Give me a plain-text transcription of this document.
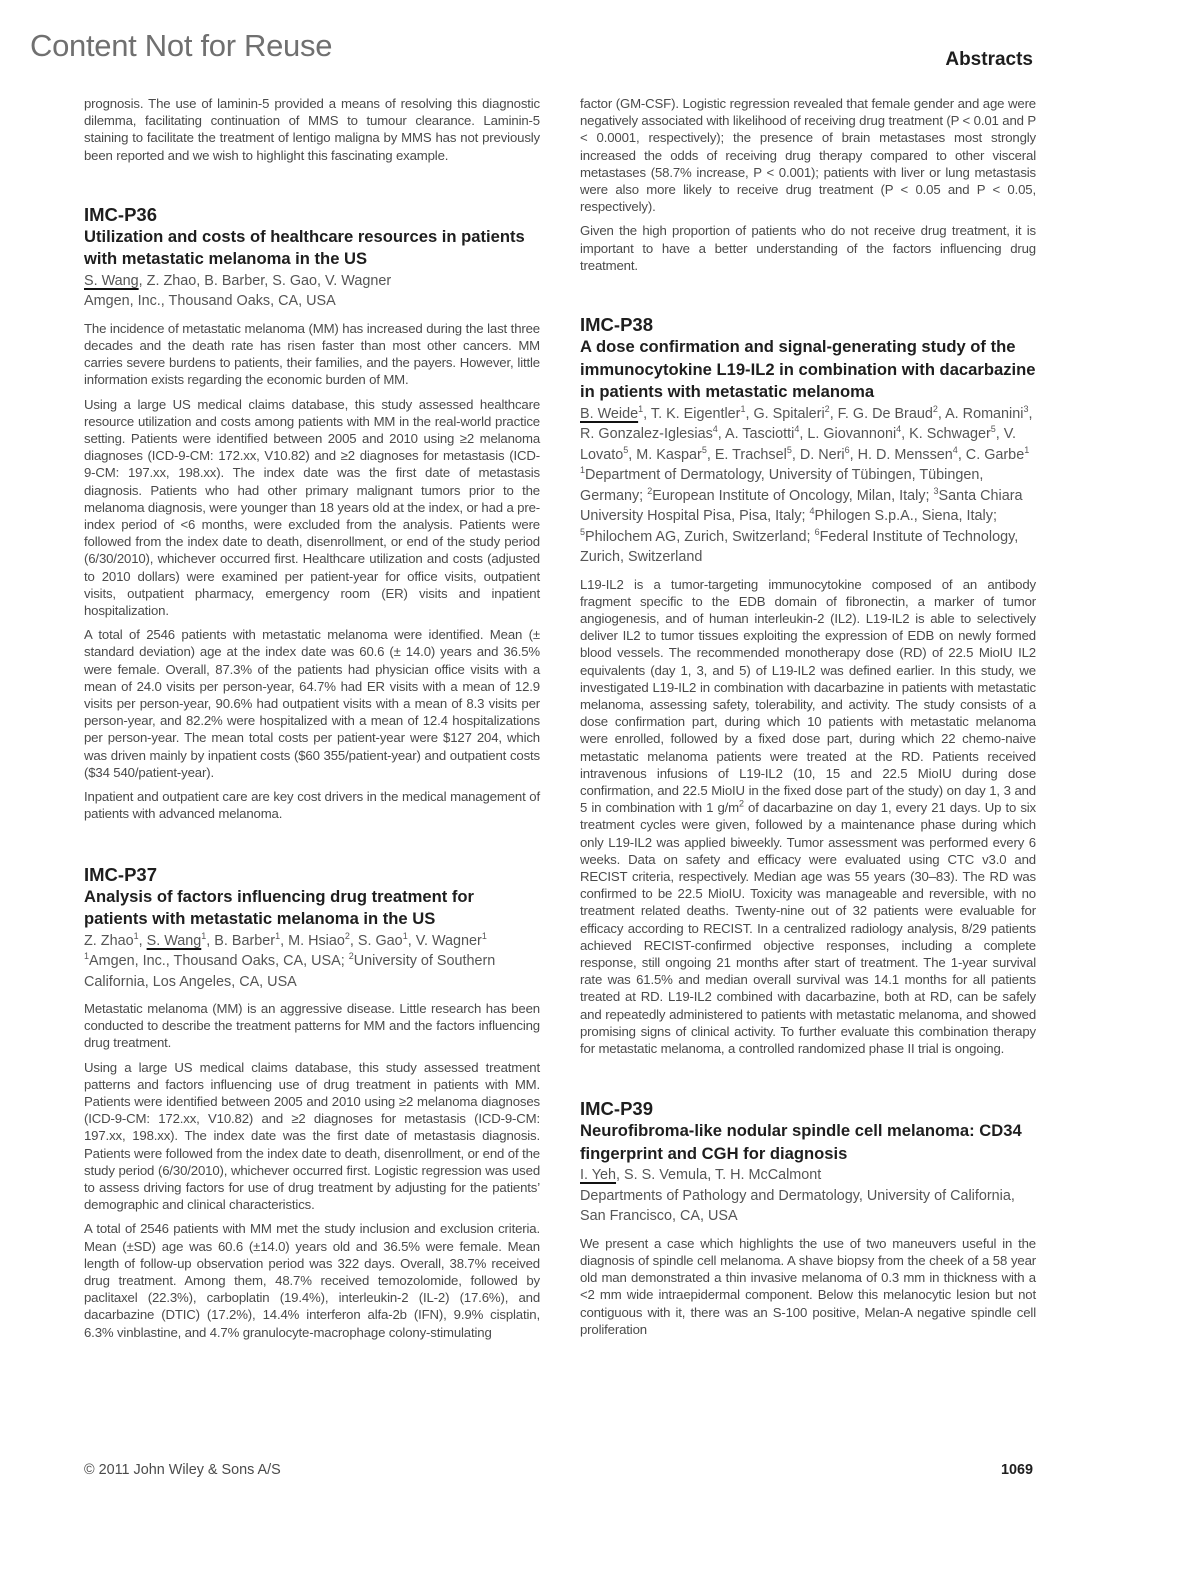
Content Not for Reuse	Abstracts

prognosis. The use of laminin-5 provided a means of resolving this diagnostic dilemma, facilitating continuation of MMS to tumour clearance. Laminin-5 staining to facilitate the treatment of lentigo maligna by MMS has not previously been reported and we wish to highlight this fascinating example.

IMC-P36
Utilization and costs of healthcare resources in patients with metastatic melanoma in the US

S. Wang, Z. Zhao, B. Barber, S. Gao, V. Wagner

Amgen, Inc., Thousand Oaks, CA, USA

The incidence of metastatic melanoma (MM) has increased during the last three decades and the death rate has risen faster than most other cancers. MM carries severe burdens to patients, their families, and the payers. However, little information exists regarding the economic burden of MM.

Using a large US medical claims database, this study assessed healthcare resource utilization and costs among patients with MM in the real-world practice setting. Patients were identified between 2005 and 2010 using ≥2 melanoma diagnoses (ICD-9-CM: 172.xx, V10.82) and ≥2 diagnoses for metastasis (ICD-9-CM: 197.xx, 198.xx). The index date was the first date of metastasis diagnosis. Patients who had other primary malignant tumors prior to the melanoma diagnosis, were younger than 18 years old at the index, or had a pre-index period of <6 months, were excluded from the analysis. Patients were followed from the index date to death, disenrollment, or end of the study period (6/30/2010), whichever occurred first. Healthcare utilization and costs (adjusted to 2010 dollars) were examined per patient-year for office visits, outpatient visits, outpatient pharmacy, emergency room (ER) visits and inpatient hospitalization.

A total of 2546 patients with metastatic melanoma were identified. Mean (± standard deviation) age at the index date was 60.6 (± 14.0) years and 36.5% were female. Overall, 87.3% of the patients had physician office visits with a mean of 24.0 visits per person-year, 64.7% had ER visits with a mean of 12.9 visits per person-year, 90.6% had outpatient visits with a mean of 8.3 visits per person-year, and 82.2% were hospitalized with a mean of 12.4 hospitalizations per person-year. The mean total costs per patient-year were $127 204, which was driven mainly by inpatient costs ($60 355/patient-year) and outpatient costs ($34 540/patient-year).

Inpatient and outpatient care are key cost drivers in the medical management of patients with advanced melanoma.

IMC-P37
Analysis of factors influencing drug treatment for patients with metastatic melanoma in the US

Z. Zhao$^1$, S. Wang$^1$, B. Barber$^1$, M. Hsiao$^2$, S. Gao$^1$, V. Wagner$^1$

$^1$Amgen, Inc., Thousand Oaks, CA, USA; $^2$University of Southern California, Los Angeles, CA, USA

Metastatic melanoma (MM) is an aggressive disease. Little research has been conducted to describe the treatment patterns for MM and the factors influencing drug treatment.

Using a large US medical claims database, this study assessed treatment patterns and factors influencing use of drug treatment in patients with MM. Patients were identified between 2005 and 2010 using ≥2 melanoma diagnoses (ICD-9-CM: 172.xx, V10.82) and ≥2 diagnoses for metastasis (ICD-9-CM: 197.xx, 198.xx). The index date was the first date of metastasis diagnosis. Patients were followed from the index date to death, disenrollment, or end of the study period (6/30/2010), whichever occurred first. Logistic regression was used to assess driving factors for use of drug treatment by adjusting for the patients’ demographic and clinical characteristics.

A total of 2546 patients with MM met the study inclusion and exclusion criteria. Mean (±SD) age was 60.6 (±14.0) years old and 36.5% were female. Mean length of follow-up observation period was 322 days. Overall, 38.7% received drug treatment. Among them, 48.7% received temozolomide, followed by paclitaxel (22.3%), carboplatin (19.4%), interleukin-2 (IL-2) (17.6%), and dacarbazine (DTIC) (17.2%), 14.4% interferon alfa-2b (IFN), 9.9% cisplatin, 6.3% vinblastine, and 4.7% granulocyte-macrophage colony-stimulating

factor (GM-CSF). Logistic regression revealed that female gender and age were negatively associated with likelihood of receiving drug treatment (P < 0.01 and P < 0.0001, respectively); the presence of brain metastases most strongly increased the odds of receiving drug therapy compared to other visceral metastases (58.7% increase, P < 0.001); patients with liver or lung metastasis were also more likely to receive drug treatment (P < 0.05 and P < 0.05, respectively).

Given the high proportion of patients who do not receive drug treatment, it is important to have a better understanding of the factors influencing drug treatment.

IMC-P38
A dose confirmation and signal-generating study of the immunocytokine L19-IL2 in combination with dacarbazine in patients with metastatic melanoma

B. Weide$^1$, T. K. Eigentler$^1$, G. Spitaleri$^2$, F. G. De Braud$^2$, A. Romanini$^3$, R. Gonzalez-Iglesias$^4$, A. Tasciotti$^4$, L. Giovannoni$^4$, K. Schwager$^5$, V. Lovato$^5$, M. Kaspar$^5$, E. Trachsel$^5$, D. Neri$^6$, H. D. Menssen$^4$, C. Garbe$^1$

$^1$Department of Dermatology, University of Tübingen, Tübingen, Germany; $^2$European Institute of Oncology, Milan, Italy; $^3$Santa Chiara University Hospital Pisa, Pisa, Italy; $^4$Philogen S.p.A., Siena, Italy; $^5$Philochem AG, Zurich, Switzerland; $^6$Federal Institute of Technology, Zurich, Switzerland

L19-IL2 is a tumor-targeting immunocytokine composed of an antibody fragment specific to the EDB domain of fibronectin, a marker of tumor angiogenesis, and of human interleukin-2 (IL2). L19-IL2 is able to selectively deliver IL2 to tumor tissues exploiting the expression of EDB on newly formed blood vessels. The recommended monotherapy dose (RD) of 22.5 MioIU IL2 equivalents (day 1, 3, and 5) of L19-IL2 was defined earlier. In this study, we investigated L19-IL2 in combination with dacarbazine in patients with metastatic melanoma, assessing safety, tolerability, and activity. The study consists of a dose confirmation part, during which 10 patients with metastatic melanoma were enrolled, followed by a fixed dose part, during which 22 chemo-naive metastatic melanoma patients were treated at the RD. Patients received intravenous infusions of L19-IL2 (10, 15 and 22.5 MioIU during dose confirmation, and 22.5 MioIU in the fixed dose part of the study) on day 1, 3 and 5 in combination with 1 $g/m^2$ of dacarbazine on day 1, every 21 days. Up to six treatment cycles were given, followed by a maintenance phase during which only L19-IL2 was applied biweekly. Tumor assessment was performed every 6 weeks. Data on safety and efficacy were evaluated using CTC v3.0 and RECIST criteria, respectively. Median age was 55 years (30–83). The RD was confirmed to be 22.5 MioIU. Toxicity was manageable and reversible, with no treatment related deaths. Twenty-nine out of 32 patients were evaluable for efficacy according to RECIST. In a centralized radiology analysis, 8/29 patients achieved RECIST-confirmed objective responses, including a complete response, still ongoing 21 months after start of treatment. The 1-year survival rate was 61.5% and median overall survival was 14.1 months for all patients treated at RD. L19-IL2 combined with dacarbazine, both at RD, can be safely and repeatedly administered to patients with metastatic melanoma, and showed promising signs of clinical activity. To further evaluate this combination therapy for metastatic melanoma, a controlled randomized phase II trial is ongoing.

IMC-P39
Neurofibroma-like nodular spindle cell melanoma: CD34 fingerprint and CGH for diagnosis

I. Yeh, S. S. Vemula, T. H. McCalmont

Departments of Pathology and Dermatology, University of California, San Francisco, CA, USA

We present a case which highlights the use of two maneuvers useful in the diagnosis of spindle cell melanoma. A shave biopsy from the cheek of a 58 year old man demonstrated a thin invasive melanoma of 0.3 mm in thickness with a <2 mm wide intraepidermal component. Below this melanocytic lesion but not contiguous with it, there was an S-100 positive, Melan-A negative spindle cell proliferation

© 2011 John Wiley & Sons A/S	1069
